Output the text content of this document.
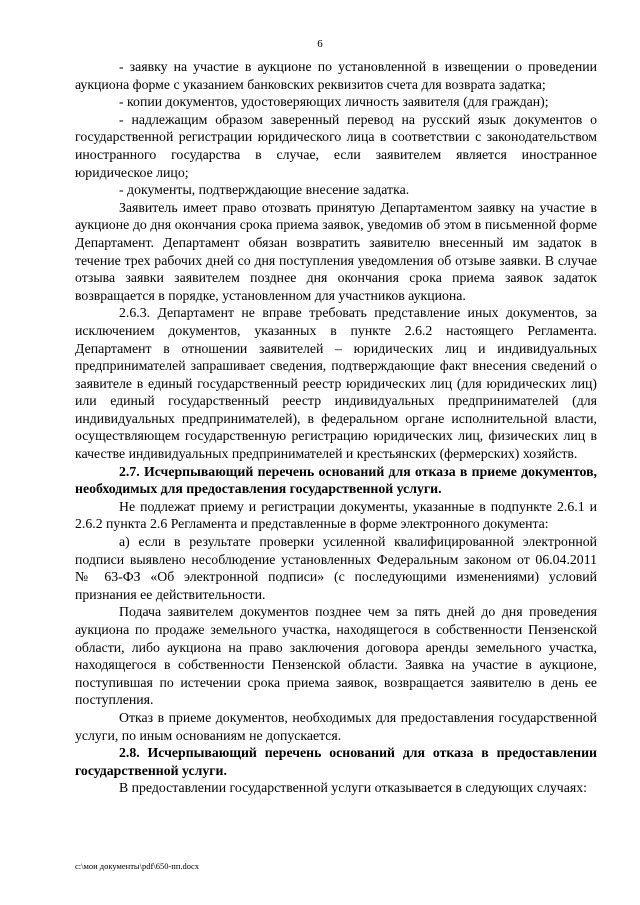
6

- заявку на участие в аукционе по установленной в извещении о проведении аукциона форме с указанием банковских реквизитов счета для возврата задатка;

- копии документов, удостоверяющих личность заявителя (для граждан);

- надлежащим образом заверенный перевод на русский язык документов о государственной регистрации юридического лица в соответствии с законодательством иностранного государства в случае, если заявителем является иностранное юридическое лицо;

- документы, подтверждающие внесение задатка.

Заявитель имеет право отозвать принятую Департаментом заявку на участие в аукционе до дня окончания срока приема заявок, уведомив об этом в письменной форме Департамент. Департамент обязан возвратить заявителю внесенный им задаток в течение трех рабочих дней со дня поступления уведомления об отзыве заявки. В случае отзыва заявки заявителем позднее дня окончания срока приема заявок задаток возвращается в порядке, установленном для участников аукциона.

2.6.3. Департамент не вправе требовать представление иных документов, за исключением документов, указанных в пункте 2.6.2 настоящего Регламента. Департамент в отношении заявителей – юридических лиц и индивидуальных предпринимателей запрашивает сведения, подтверждающие факт внесения сведений о заявителе в единый государственный реестр юридических лиц (для юридических лиц) или единый государственный реестр индивидуальных предпринимателей (для индивидуальных предпринимателей), в федеральном органе исполнительной власти, осуществляющем государственную регистрацию юридических лиц, физических лиц в качестве индивидуальных предпринимателей и крестьянских (фермерских) хозяйств.

2.7. Исчерпывающий перечень оснований для отказа в приеме документов, необходимых для предоставления государственной услуги.

Не подлежат приему и регистрации документы, указанные в подпункте 2.6.1 и 2.6.2 пункта 2.6 Регламента и представленные в форме электронного документа:

а) если в результате проверки усиленной квалифицированной электронной подписи выявлено несоблюдение установленных Федеральным законом от 06.04.2011 № 63-ФЗ «Об электронной подписи» (с последующими изменениями) условий признания ее действительности.

Подача заявителем документов позднее чем за пять дней до дня проведения аукциона по продаже земельного участка, находящегося в собственности Пензенской области, либо аукциона на право заключения договора аренды земельного участка, находящегося в собственности Пензенской области. Заявка на участие в аукционе, поступившая по истечении срока приема заявок, возвращается заявителю в день ее поступления.

Отказ в приеме документов, необходимых для предоставления государственной услуги, по иным основаниям не допускается.

2.8. Исчерпывающий перечень оснований для отказа в предоставлении государственной услуги.

В предоставлении государственной услуги отказывается в следующих случаях:

c:\мои документы\pdf\650-пп.docx
